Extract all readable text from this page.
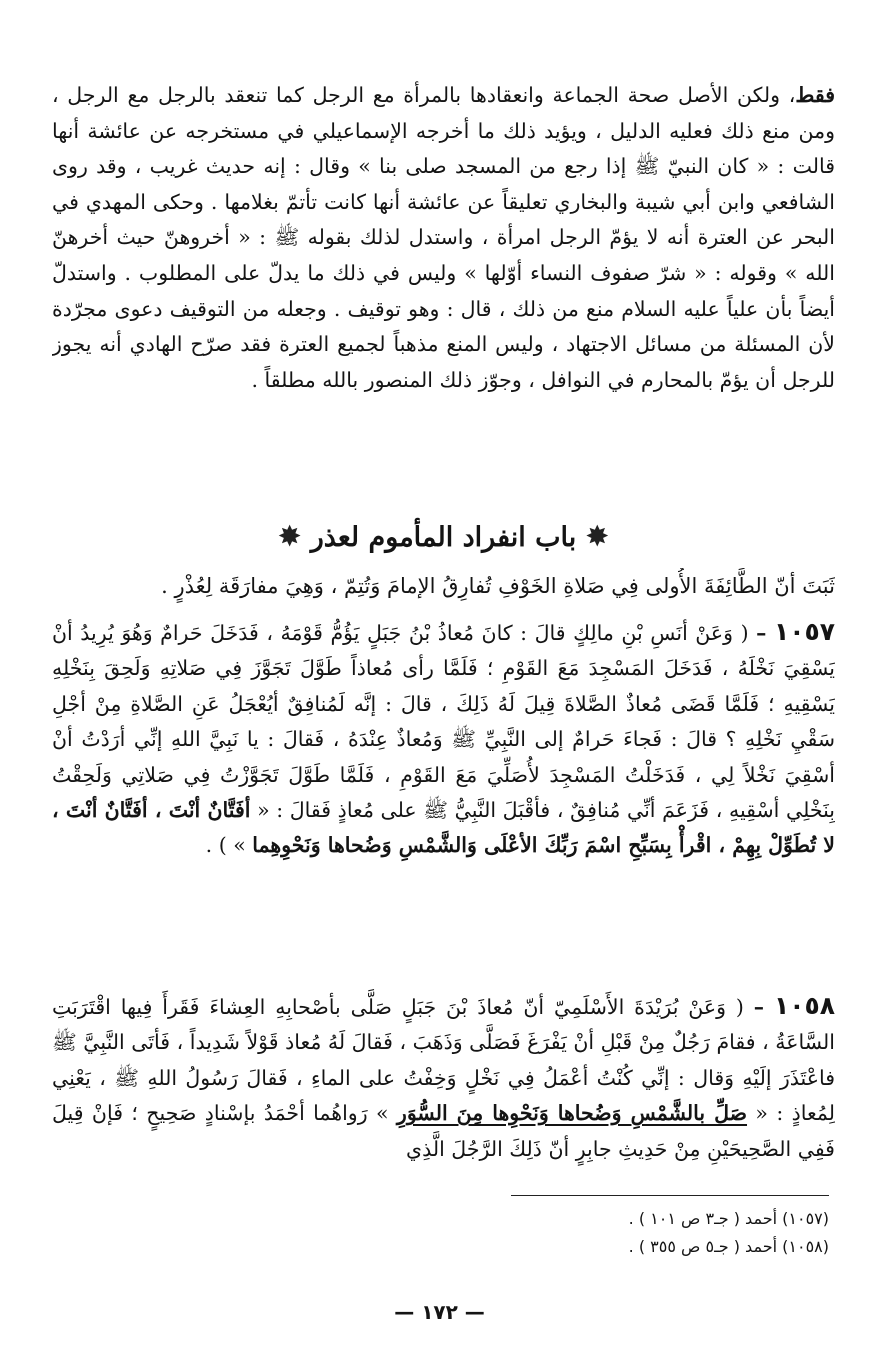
فقط، ولكن الأصل صحة الجماعة وانعقادها بالمرأة مع الرجل كما تنعقد بالرجل مع الرجل ، ومن منع ذلك فعليه الدليل ، ويؤيد ذلك ما أخرجه الإسماعيلي في مستخرجه عن عائشة أنها قالت : « كان النبيّ ﷺ إذا رجع من المسجد صلى بنا » وقال : إنه حديث غريب ، وقد روى الشافعي وابن أبي شيبة والبخاري تعليقاً عن عائشة أنها كانت تأتمّ بغلامها . وحكى المهدي في البحر عن العترة أنه لا يؤمّ الرجل امرأة ، واستدل لذلك بقوله ﷺ : « أخروهنّ حيث أخرهنّ الله » وقوله : « شرّ صفوف النساء أوّلها » وليس في ذلك ما يدلّ على المطلوب . واستدلّ أيضاً بأن علياً عليه السلام منع من ذلك ، قال : وهو توقيف . وجعله من التوقيف دعوى مجرّدة لأن المسئلة من مسائل الاجتهاد ، وليس المنع مذهباً لجميع العترة فقد صرّح الهادي أنه يجوز للرجل أن يؤمّ بالمحارم في النوافل ، وجوّز ذلك المنصور بالله مطلقاً .

✸
باب انفراد المأموم لعذر
✸

ثَبَتَ أنّ الطَّائِفَةَ الأُولى فِي صَلاةِ الخَوْفِ تُفارِقُ الإمامَ وَتُتِمّ ، وَهِيَ مفارَقَة لِعُذْرٍ .

١٠٥٧ – ( وَعَنْ أنَسِ بْنِ مالِكٍ قالَ : كانَ مُعاذُ بْنُ جَبَلٍ يَؤُمُّ قَوْمَهُ ، فَدَخَلَ حَرامٌ وَهُوَ يُرِيدُ أنْ يَسْقِيَ نَخْلَهُ ، فَدَخَلَ المَسْجِدَ مَعَ القَوْمِ ؛ فَلَمَّا رأى مُعاذاً طَوَّلَ تَجَوَّزَ فِي صَلاتِهِ وَلَحِقَ بِنَخْلِهِ يَسْقِيهِ ؛ فَلَمَّا قَضَى مُعاذٌ الصَّلاةَ قِيلَ لَهُ ذَلِكَ ، قالَ : إنَّه لَمُنافِقٌ أيُعْجَلُ عَنِ الصَّلاةِ مِنْ أجْلِ سَقْيِ نَخْلِهِ ؟ قالَ : فَجاءَ حَرامٌ إلى النَّبِيِّ ﷺ وَمُعاذٌ عِنْدَهُ ، فَقالَ : يا نَبِيَّ اللهِ إنِّي أرَدْتُ أنْ أسْقِيَ نَخْلاً لِي ، فَدَخَلْتُ المَسْجِدَ لأُصَلِّيَ مَعَ القَوْمِ ، فَلَمَّا طَوَّلَ تَجَوَّزْتُ فِي صَلاتِي وَلَحِقْتُ بِنَخْلِي أسْقِيهِ ، فَزَعَمَ أنِّي مُنافِقٌ ، فأقْبَلَ النَّبِيُّ ﷺ على مُعاذٍ فَقالَ : « أفَتَّانٌ أنْتَ ، أفَتَّانٌ أنْتَ ، لا تُطَوِّلْ بِهِمْ ، اقْرأْ بِسَبِّحِ اسْمَ رَبِّكَ الأعْلَى وَالشَّمْسِ وَضُحاها وَنَحْوِهِما » ) .

١٠٥٨ – ( وَعَنْ بُرَيْدَةَ الأَسْلَمِيّ أنّ مُعاذَ بْنَ جَبَلٍ صَلَّى بأصْحابِهِ العِشاءَ فَقَرأَ فِيها اقْتَرَبَتِ السَّاعَةُ ، فقامَ رَجُلٌ مِنْ قَبْلِ أنْ يَفْرَغَ فَصَلَّى وَذَهَبَ ، فَقالَ لَهُ مُعاذ قَوْلاً شَدِيداً ، فَأتَى النَّبِيَّ ﷺ فاعْتَذَرَ إلَيْهِ وَقال : إنِّي كُنْتُ أعْمَلُ فِي نَخْلٍ وَخِفْتُ على الماءِ ، فَقالَ رَسُولُ اللهِ ﷺ ، يَعْنِي لِمُعاذٍ : « صَلِّ بالشَّمْسِ وَضُحاها وَنَحْوِها مِنَ السُّوَرِ » رَواهُما أحْمَدُ بإسْنادٍ صَحِيحٍ ؛ فَإنْ قِيلَ فَفِي الصَّحِيحَيْنِ مِنْ حَدِيثِ جابِرٍ أنّ ذَلِكَ الرَّجُلَ الَّذِي

(١٠٥٧) أحمد ( جـ٣ ص ١٠١ ) .

(١٠٥٨) أحمد ( جـ٥ ص ٣٥٥ ) .

— ١٧٢ —
